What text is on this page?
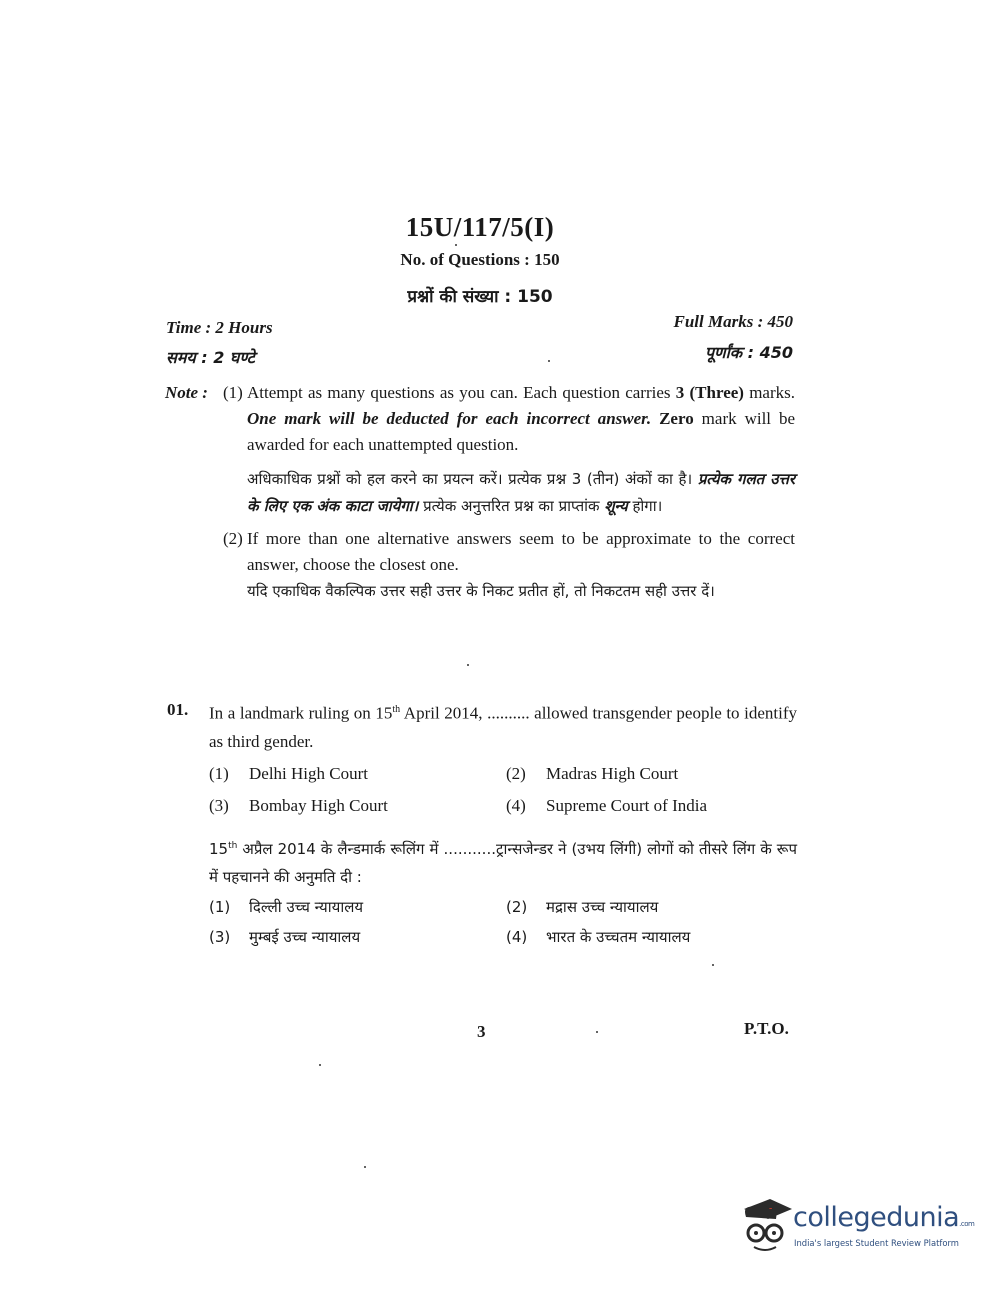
15U/117/5(I)
No. of Questions : 150
प्रश्नों की संख्या : 150
Time : 2 Hours
समय : 2 घण्टे
Full Marks : 450
पूर्णांक : 450
Note : (1) Attempt as many questions as you can. Each question carries 3 (Three) marks. One mark will be deducted for each incorrect answer. Zero mark will be awarded for each unattempted question.
अधिकाधिक प्रश्नों को हल करने का प्रयत्न करें। प्रत्येक प्रश्न 3 (तीन) अंकों का है। प्रत्येक गलत उत्तर के लिए एक अंक काटा जायेगा। प्रत्येक अनुत्तरित प्रश्न का प्राप्तांक शून्य होगा।
(2) If more than one alternative answers seem to be approximate to the correct answer, choose the closest one.
यदि एकाधिक वैकल्पिक उत्तर सही उत्तर के निकट प्रतीत हों, तो निकटतम सही उत्तर दें।
01.	In a landmark ruling on 15th April 2014, .......... allowed transgender people to identify as third gender.
(1)	Delhi High Court	(2)	Madras High Court
(3)	Bombay High Court	(4)	Supreme Court of India
15th अप्रैल 2014 के लैन्डमार्क रूलिंग में ...........ट्रान्सजेन्डर ने (उभय लिंगी) लोगों को तीसरे लिंग के रूप में पहचानने की अनुमति दी :
(1)	दिल्ली उच्च न्यायालय	(2)	मद्रास उच्च न्यायालय
(3)	मुम्बई उच्च न्यायालय	(4)	भारत के उच्चतम न्यायालय
3	P.T.O.
collegedunia.com
India's largest Student Review Platform
